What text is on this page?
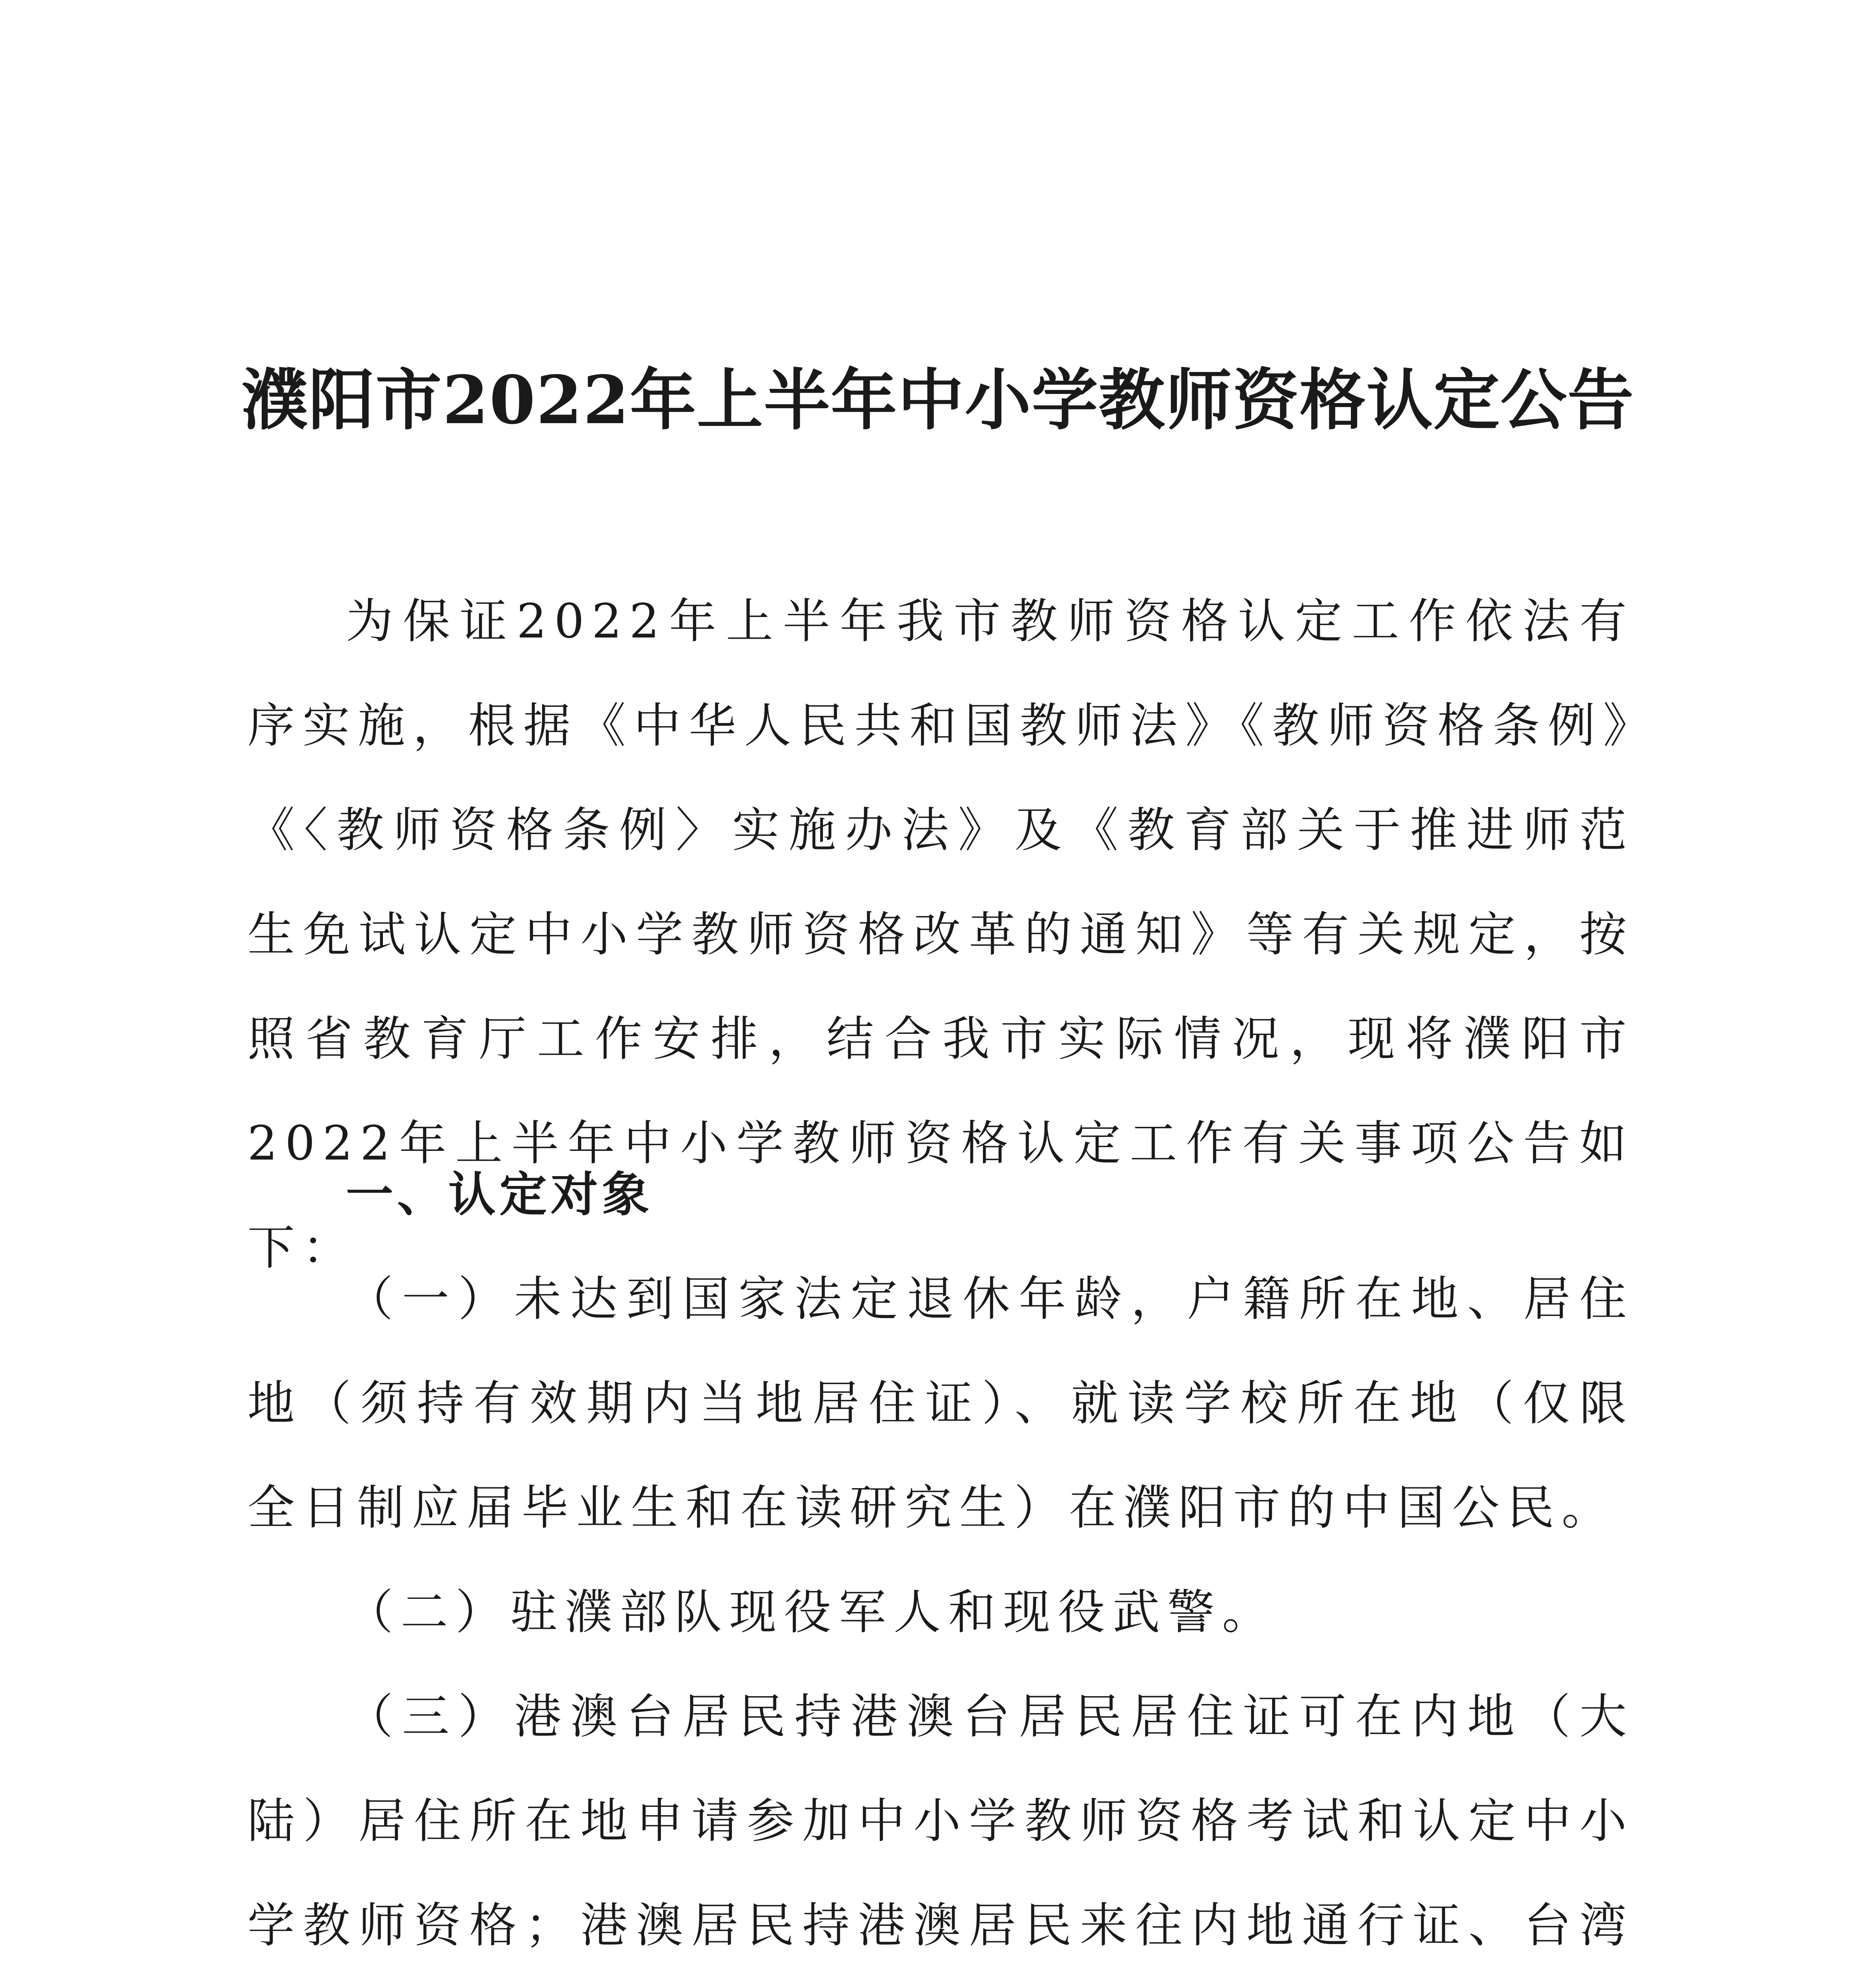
濮阳市2022年上半年中小学教师资格认定公告

为保证2022年上半年我市教师资格认定工作依法有序实施，根据《中华人民共和国教师法》《教师资格条例》《〈教师资格条例〉实施办法》及《教育部关于推进师范生免试认定中小学教师资格改革的通知》等有关规定，按照省教育厅工作安排，结合我市实际情况，现将濮阳市2022年上半年中小学教师资格认定工作有关事项公告如下：

一、认定对象

（一）未达到国家法定退休年龄，户籍所在地、居住地（须持有效期内当地居住证）、就读学校所在地（仅限全日制应届毕业生和在读研究生）在濮阳市的中国公民。

（二）驻濮部队现役军人和现役武警。

（三）港澳台居民持港澳台居民居住证可在内地（大陆）居住所在地申请参加中小学教师资格考试和认定中小学教师资格；港澳居民持港澳居民来往内地通行证、台湾
